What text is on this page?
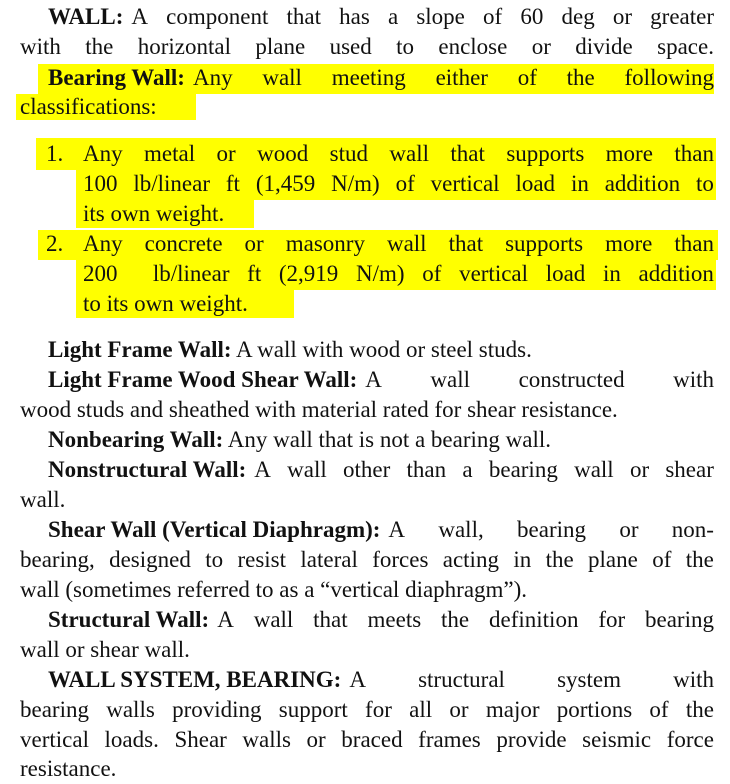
WALL: A component that has a slope of 60 deg or greater
with the horizontal plane used to enclose or divide space.
Bearing Wall: Any wall meeting either of the following
classifications:
1. Any metal or wood stud wall that supports more than
100 lb/linear ft (1,459 N/m) of vertical load in addition to
its own weight.
2. Any concrete or masonry wall that supports more than
200 lb/linear ft (2,919 N/m) of vertical load in addition
to its own weight.
Light Frame Wall: A wall with wood or steel studs.
Light Frame Wood Shear Wall: A wall constructed with
wood studs and sheathed with material rated for shear resistance.
Nonbearing Wall: Any wall that is not a bearing wall.
Nonstructural Wall: A wall other than a bearing wall or shear
wall.
Shear Wall (Vertical Diaphragm): A wall, bearing or non-
bearing, designed to resist lateral forces acting in the plane of the
wall (sometimes referred to as a “vertical diaphragm”).
Structural Wall: A wall that meets the definition for bearing
wall or shear wall.
WALL SYSTEM, BEARING: A structural system with
bearing walls providing support for all or major portions of the
vertical loads. Shear walls or braced frames provide seismic force
resistance.
